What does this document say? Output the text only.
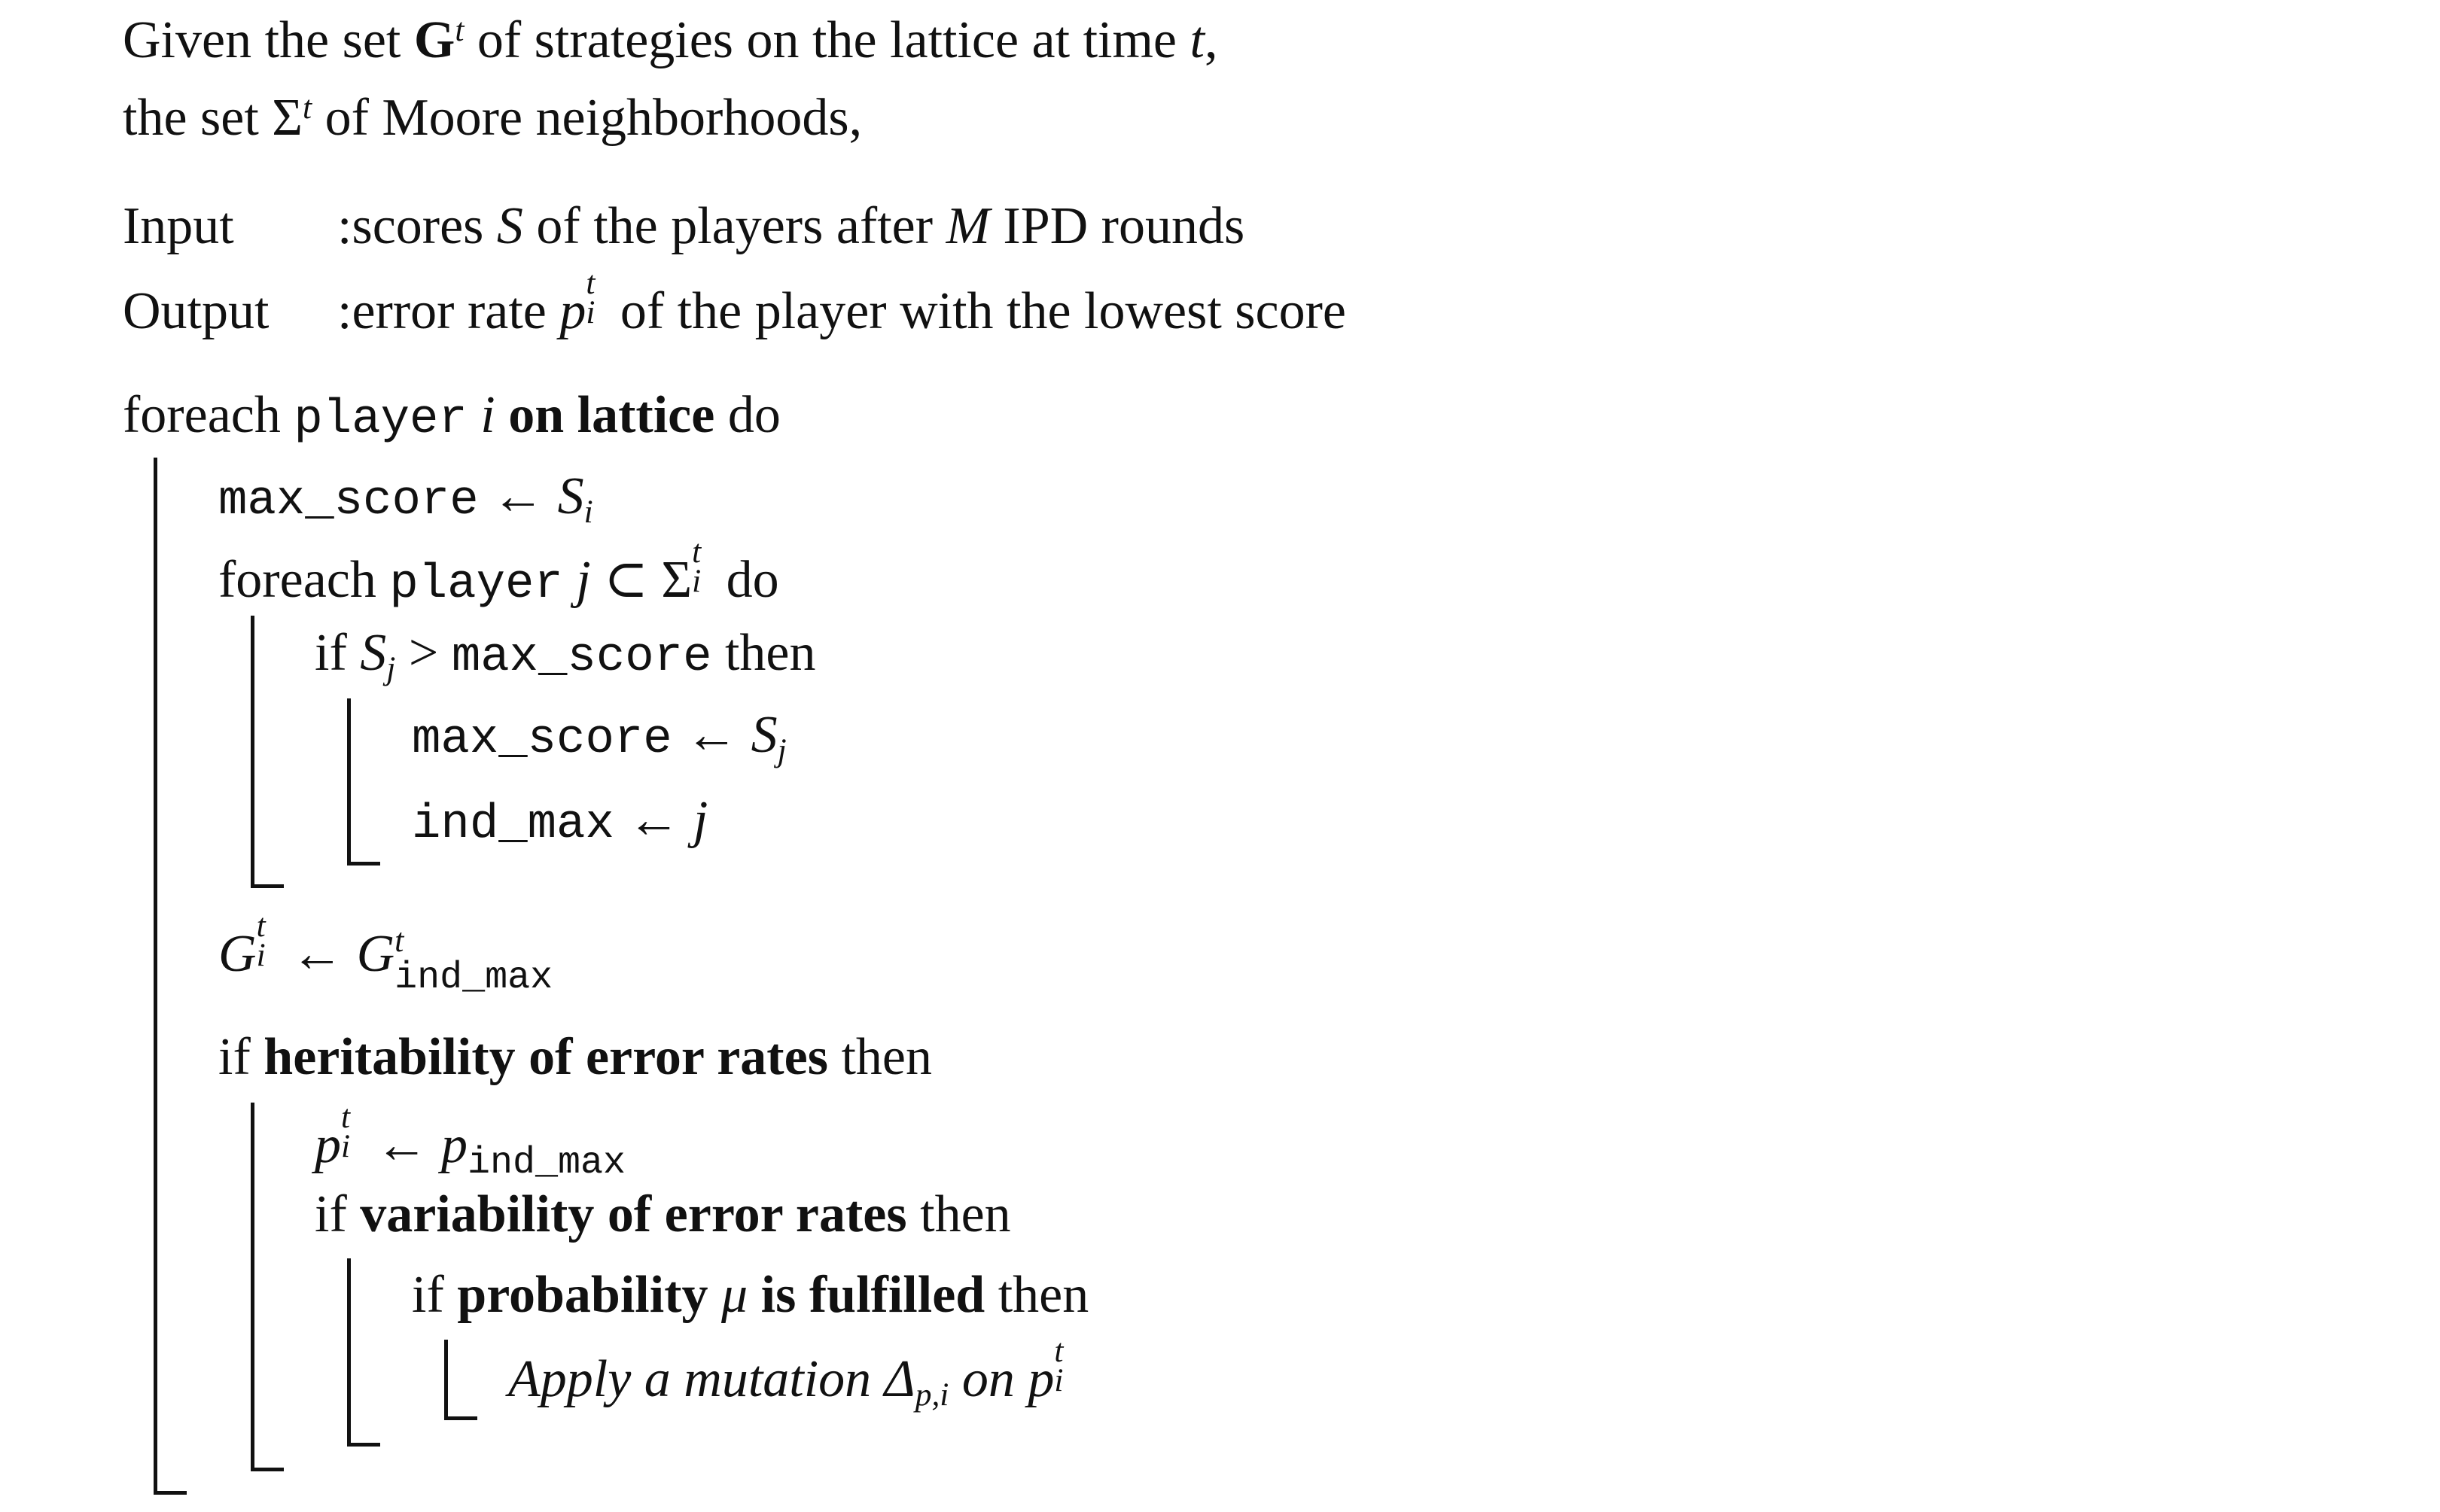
Given the set $G^t$ of strategies on the lattice at time t,
the set $\Sigma^t$ of Moore neighborhoods,
Input :scores S of the players after M IPD rounds
Output :error rate p t
i of the player with the lowest score
foreach player i on lattice do
max_score ← $S_i$
foreach player j ⊂ Σ t
i do
if $S_j$ > max_score then
max_score ← $S_j$
ind_max ← j
G t
i ← G t
$_{ind\_max}$
if heritability of error rates then
p t
i ← $p_{ind\_max}$
if variability of error rates then
if probability μ is fulfilled then
Apply a mutation $\Delta_{p,i}$ on p t
i
